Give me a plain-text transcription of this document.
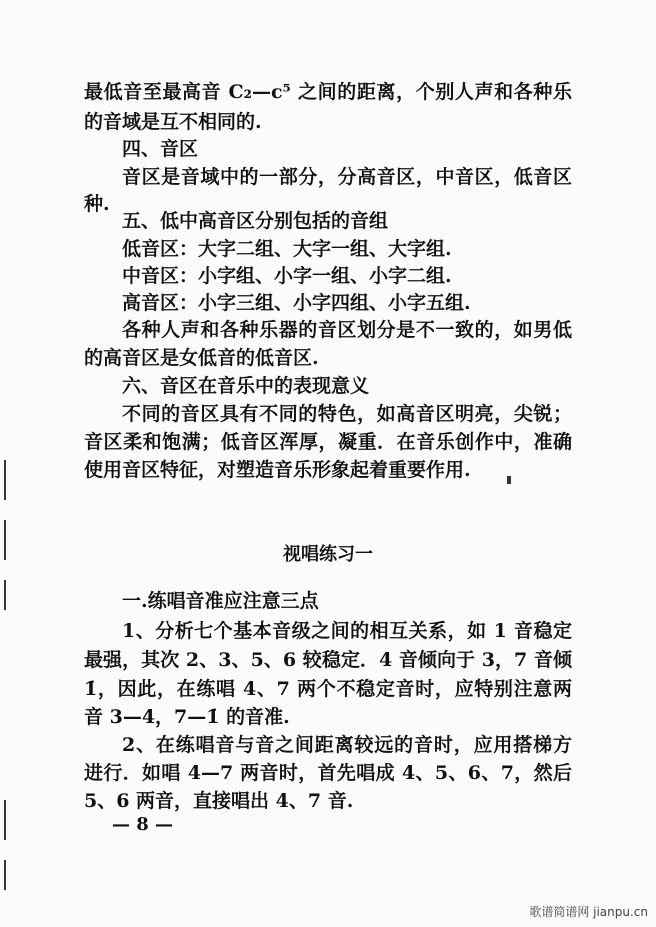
最低音至最高音 C₂—c⁵ 之间的距离，个别人声和各种乐
的音域是互不相同的.
四、音区
音区是音域中的一部分，分高音区，中音区，低音区
种.
五、低中高音区分别包括的音组
低音区：大字二组、大字一组、大字组.
中音区：小字组、小字一组、小字二组.
高音区：小字三组、小字四组、小字五组.
各种人声和各种乐器的音区划分是不一致的，如男低
的高音区是女低音的低音区.
六、音区在音乐中的表现意义
不同的音区具有不同的特色，如高音区明亮，尖锐；
音区柔和饱满；低音区浑厚，凝重．在音乐创作中，准确
使用音区特征，对塑造音乐形象起着重要作用.
视唱练习一
一.练唱音准应注意三点
1、分析七个基本音级之间的相互关系，如 1 音稳定
最强，其次 2、3、5、6 较稳定．4 音倾向于 3，7 音倾
1̇，因此，在练唱 4、7 两个不稳定音时，应特别注意两
音 3—4，7—1̇ 的音准.
2、在练唱音与音之间距离较远的音时，应用搭梯方
进行．如唱 4—7 两音时，首先唱成 4、5、6、7，然后
5、6 两音，直接唱出 4、7 音.
— 8 —
歌谱简谱网 jianpu.cn
